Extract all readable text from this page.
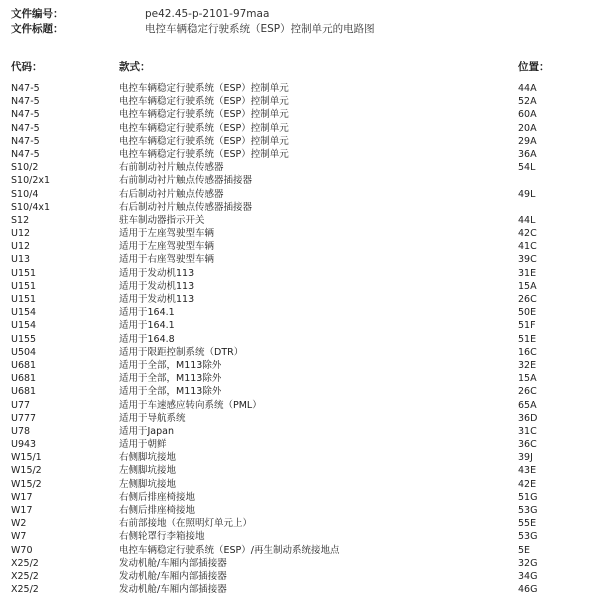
文件编号：	pe42.45-p-2101-97maa
文件标题：	电控车辆稳定行驶系统（ESP）控制单元的电路图
代码：	款式：	位置：
N47-5	电控车辆稳定行驶系统（ESP）控制单元	44A
N47-5	电控车辆稳定行驶系统（ESP）控制单元	52A
N47-5	电控车辆稳定行驶系统（ESP）控制单元	60A
N47-5	电控车辆稳定行驶系统（ESP）控制单元	20A
N47-5	电控车辆稳定行驶系统（ESP）控制单元	29A
N47-5	电控车辆稳定行驶系统（ESP）控制单元	36A
S10/2	右前制动衬片触点传感器	54L
S10/2x1	右前制动衬片触点传感器插接器
S10/4	右后制动衬片触点传感器	49L
S10/4x1	右后制动衬片触点传感器插接器
S12	驻车制动器指示开关	44L
U12	适用于左座驾驶型车辆	42C
U12	适用于左座驾驶型车辆	41C
U13	适用于右座驾驶型车辆	39C
U151	适用于发动机113	31E
U151	适用于发动机113	15A
U151	适用于发动机113	26C
U154	适用于164.1	50E
U154	适用于164.1	51F
U155	适用于164.8	51E
U504	适用于限距控制系统（DTR）	16C
U681	适用于全部，M113除外	32E
U681	适用于全部，M113除外	15A
U681	适用于全部，M113除外	26C
U77	适用于车速感应转向系统（PML）	65A
U777	适用于导航系统	36D
U78	适用于Japan	31C
U943	适用于朝鲜	36C
W15/1	右侧脚坑接地	39J
W15/2	左侧脚坑接地	43E
W15/2	左侧脚坑接地	42E
W17	右侧后排座椅接地	51G
W17	右侧后排座椅接地	53G
W2	右前部接地（在照明灯单元上）	55E
W7	右侧轮罩行李箱接地	53G
W70	电控车辆稳定行驶系统（ESP）/再生制动系统接地点	5E
X25/2	发动机舱/车厢内部插接器	32G
X25/2	发动机舱/车厢内部插接器	34G
X25/2	发动机舱/车厢内部插接器	46G
